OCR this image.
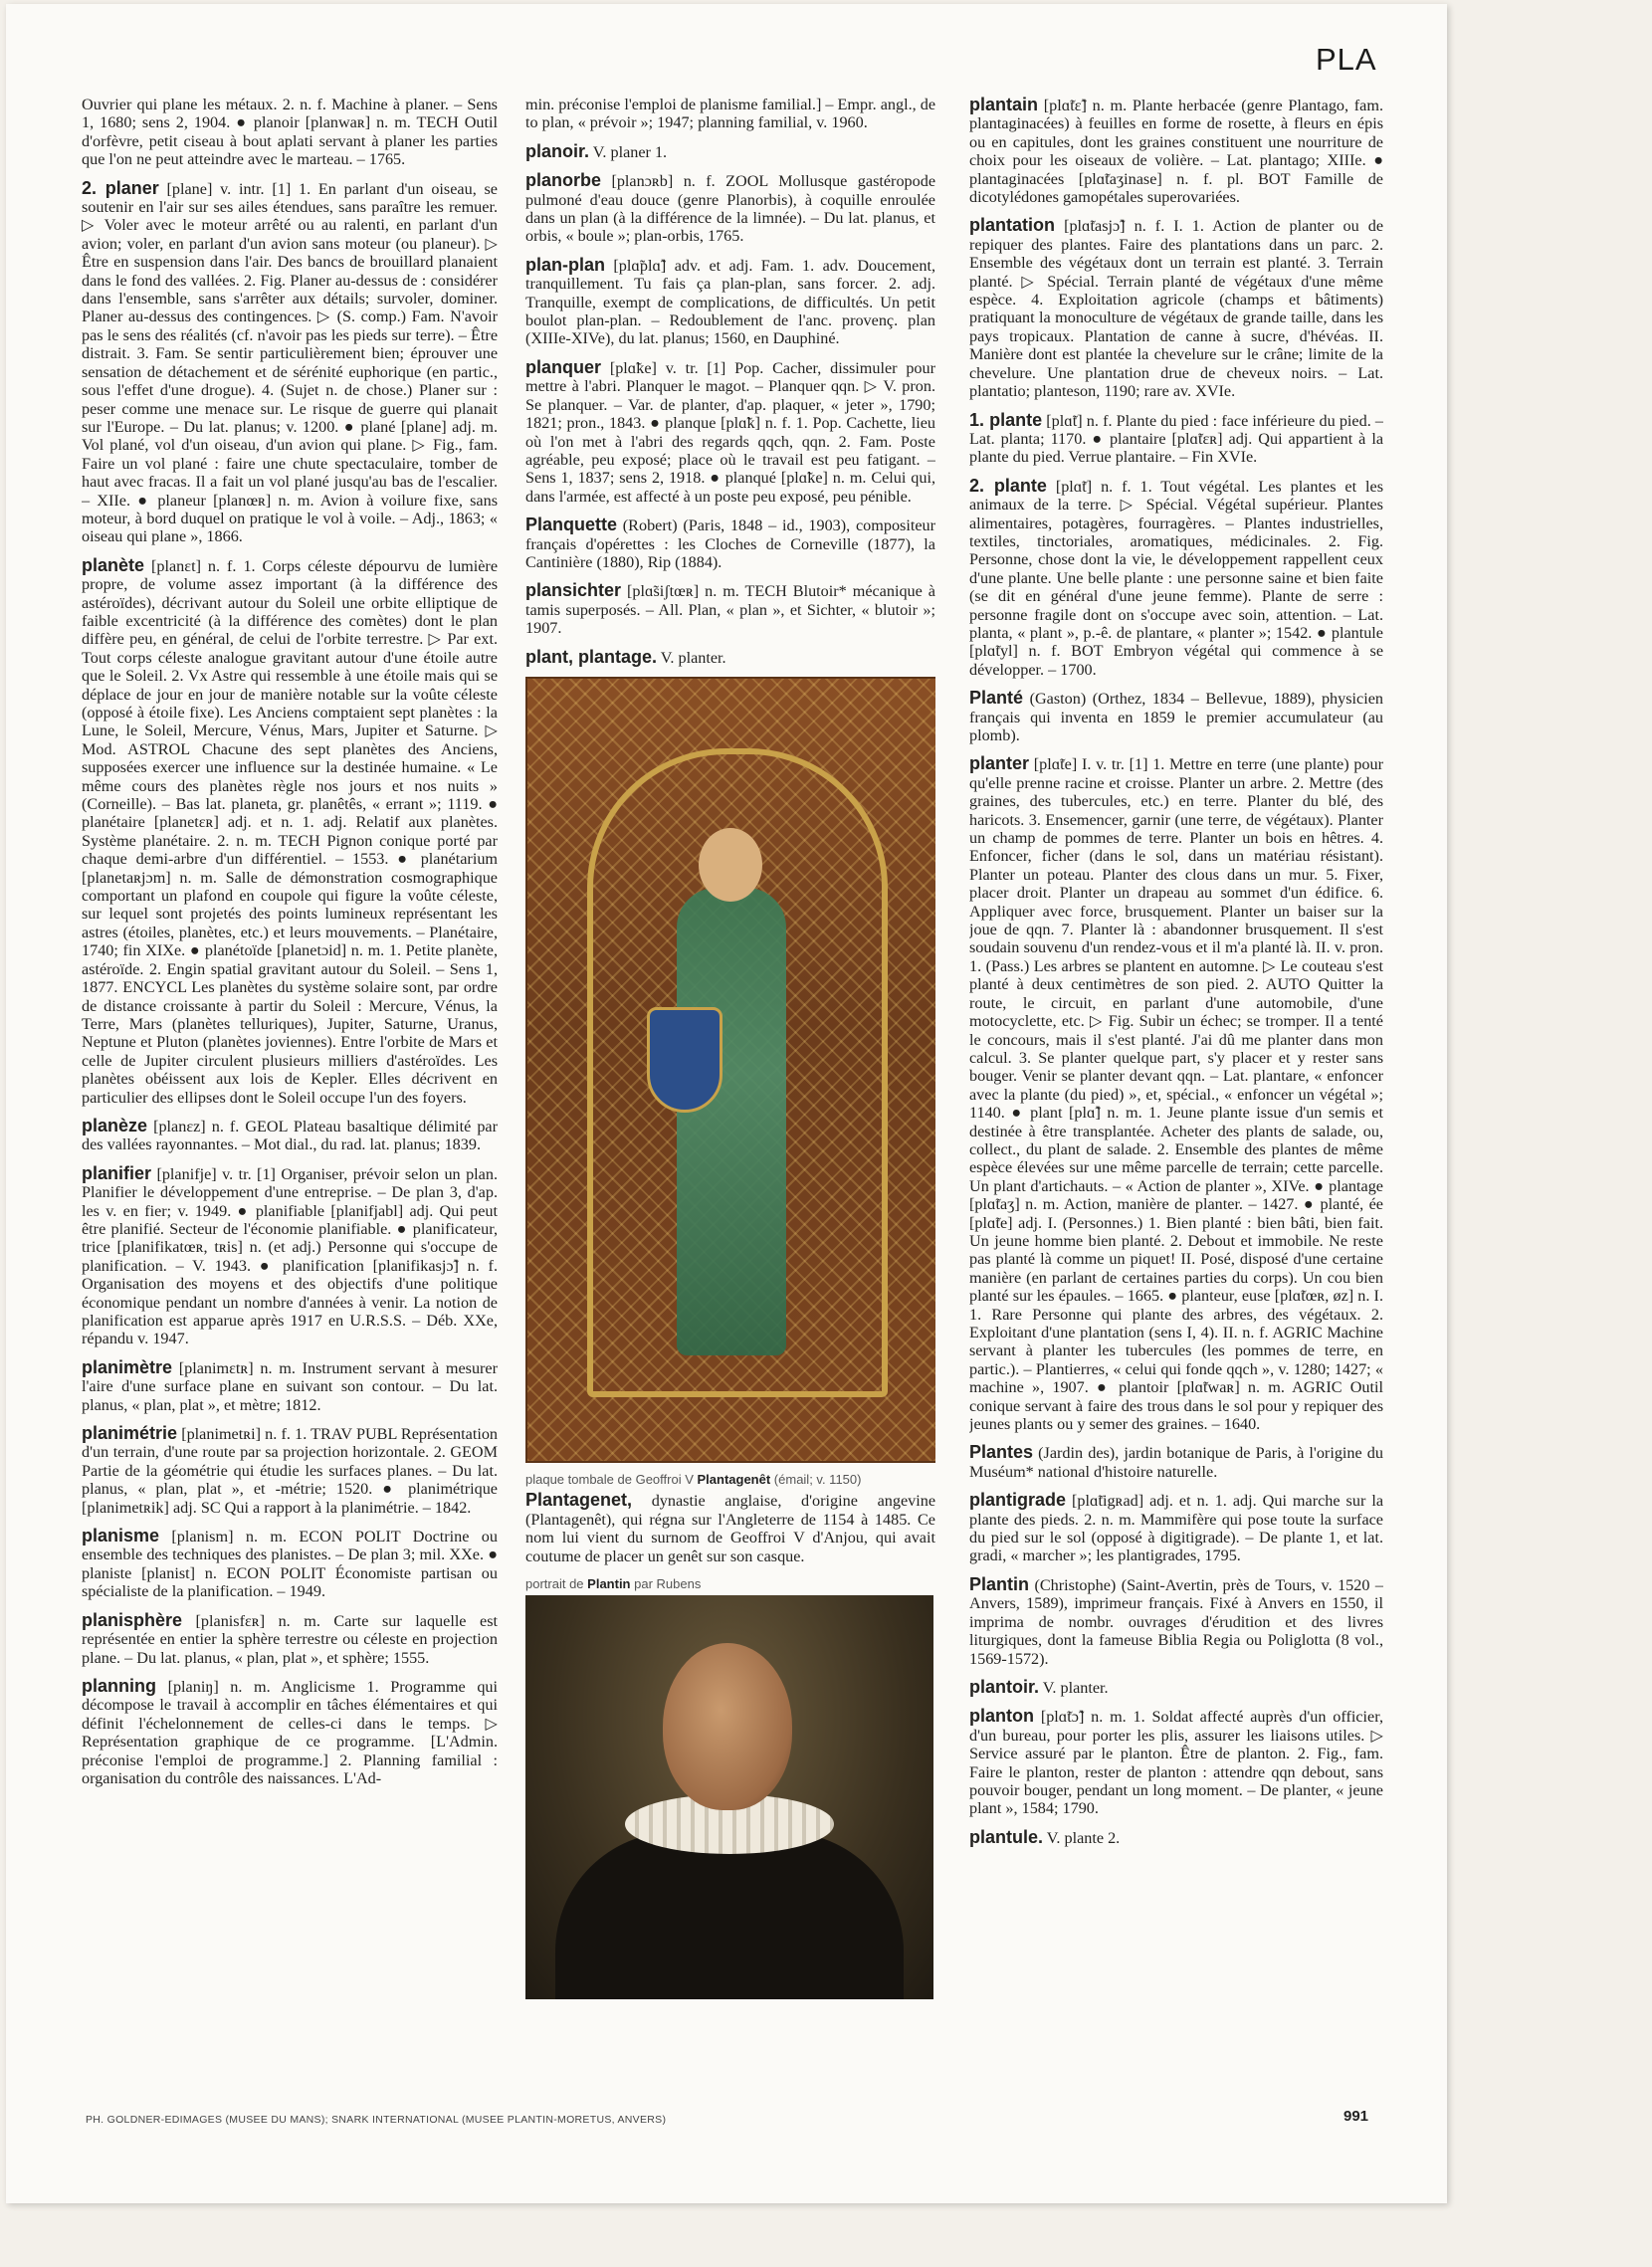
PLA
Ouvrier qui plane les métaux. 2. n. f. Machine à planer. – Sens 1, 1680; sens 2, 1904. ● planoir [planwaʀ] n. m. TECH Outil d'orfèvre, petit ciseau à bout aplati servant à planer les parties que l'on ne peut atteindre avec le marteau. – 1765.
2. planer [plane] v. intr. [1] 1. En parlant d'un oiseau, se soutenir en l'air sur ses ailes étendues, sans paraître les remuer. ▷ Voler avec le moteur arrêté ou au ralenti, en parlant d'un avion; voler, en parlant d'un avion sans moteur (ou planeur). ▷ Être en suspension dans l'air. Des bancs de brouillard planaient dans le fond des vallées. 2. Fig. Planer au-dessus de : considérer dans l'ensemble, sans s'arrêter aux détails; survoler, dominer. Planer au-dessus des contingences. ▷ (S. comp.) Fam. N'avoir pas le sens des réalités (cf. n'avoir pas les pieds sur terre). – Être distrait. 3. Fam. Se sentir particulièrement bien; éprouver une sensation de détachement et de sérénité euphorique (en partic., sous l'effet d'une drogue). 4. (Sujet n. de chose.) Planer sur : peser comme une menace sur. Le risque de guerre qui planait sur l'Europe. – Du lat. planus; v. 1200. ● plané [plane] adj. m. Vol plané, vol d'un oiseau, d'un avion qui plane. ▷ Fig., fam. Faire un vol plané : faire une chute spectaculaire, tomber de haut avec fracas. Il a fait un vol plané jusqu'au bas de l'escalier. – XIIe. ● planeur [planœʀ] n. m. Avion à voilure fixe, sans moteur, à bord duquel on pratique le vol à voile. – Adj., 1863; « oiseau qui plane », 1866.
planète [planɛt] n. f. 1. Corps céleste dépourvu de lumière propre, de volume assez important (à la différence des astéroïdes), décrivant autour du Soleil une orbite elliptique de faible excentricité (à la différence des comètes) dont le plan diffère peu, en général, de celui de l'orbite terrestre. ▷ Par ext. Tout corps céleste analogue gravitant autour d'une étoile autre que le Soleil. 2. Vx Astre qui ressemble à une étoile mais qui se déplace de jour en jour de manière notable sur la voûte céleste (opposé à étoile fixe). Les Anciens comptaient sept planètes : la Lune, le Soleil, Mercure, Vénus, Mars, Jupiter et Saturne. ▷ Mod. ASTROL Chacune des sept planètes des Anciens, supposées exercer une influence sur la destinée humaine. « Le même cours des planètes règle nos jours et nos nuits » (Corneille). – Bas lat. planeta, gr. planêtês, « errant »; 1119. ● planétaire [planetɛʀ] adj. et n. 1. adj. Relatif aux planètes. Système planétaire. 2. n. m. TECH Pignon conique porté par chaque demi-arbre d'un différentiel. – 1553. ● planétarium [planetaʀjɔm] n. m. Salle de démonstration cosmographique comportant un plafond en coupole qui figure la voûte céleste, sur lequel sont projetés des points lumineux représentant les astres (étoiles, planètes, etc.) et leurs mouvements. – Planétaire, 1740; fin XIXe. ● planétoïde [planetɔid] n. m. 1. Petite planète, astéroïde. 2. Engin spatial gravitant autour du Soleil. – Sens 1, 1877. ENCYCL Les planètes du système solaire sont, par ordre de distance croissante à partir du Soleil : Mercure, Vénus, la Terre, Mars (planètes telluriques), Jupiter, Saturne, Uranus, Neptune et Pluton (planètes joviennes). Entre l'orbite de Mars et celle de Jupiter circulent plusieurs milliers d'astéroïdes. Les planètes obéissent aux lois de Kepler. Elles décrivent en particulier des ellipses dont le Soleil occupe l'un des foyers.
planèze [planɛz] n. f. GEOL Plateau basaltique délimité par des vallées rayonnantes. – Mot dial., du rad. lat. planus; 1839.
planifier [planifje] v. tr. [1] Organiser, prévoir selon un plan. Planifier le développement d'une entreprise. – De plan 3, d'ap. les v. en fier; v. 1949. ● planifiable [planifjabl] adj. Qui peut être planifié. Secteur de l'économie planifiable. ● planificateur, trice [planifikatœʀ, tʀis] n. (et adj.) Personne qui s'occupe de planification. – V. 1943. ● planification [planifikasjɔ̃] n. f. Organisation des moyens et des objectifs d'une politique économique pendant un nombre d'années à venir. La notion de planification est apparue après 1917 en U.R.S.S. – Déb. XXe, répandu v. 1947.
planimètre [planimɛtʀ] n. m. Instrument servant à mesurer l'aire d'une surface plane en suivant son contour. – Du lat. planus, « plan, plat », et mètre; 1812.
planimétrie [planimetʀi] n. f. 1. TRAV PUBL Représentation d'un terrain, d'une route par sa projection horizontale. 2. GEOM Partie de la géométrie qui étudie les surfaces planes. – Du lat. planus, « plan, plat », et -métrie; 1520. ● planimétrique [planimetʀik] adj. SC Qui a rapport à la planimétrie. – 1842.
planisme [planism] n. m. ECON POLIT Doctrine ou ensemble des techniques des planistes. – De plan 3; mil. XXe. ● planiste [planist] n. ECON POLIT Économiste partisan ou spécialiste de la planification. – 1949.
planisphère [planisfɛʀ] n. m. Carte sur laquelle est représentée en entier la sphère terrestre ou céleste en projection plane. – Du lat. planus, « plan, plat », et sphère; 1555.
planning [planiŋ] n. m. Anglicisme 1. Programme qui décompose le travail à accomplir en tâches élémentaires et qui définit l'échelonnement de celles-ci dans le temps. ▷ Représentation graphique de ce programme. [L'Admin. préconise l'emploi de programme.] 2. Planning familial : organisation du contrôle des naissances. L'Ad-
min. préconise l'emploi de planisme familial.] – Empr. angl., de to plan, « prévoir »; 1947; planning familial, v. 1960.
planoir. V. planer 1.
planorbe [planɔʀb] n. f. ZOOL Mollusque gastéropode pulmoné d'eau douce (genre Planorbis), à coquille enroulée dans un plan (à la différence de la limnée). – Du lat. planus, et orbis, « boule »; plan-orbis, 1765.
plan-plan [plɑ̃plɑ̃] adv. et adj. Fam. 1. adv. Doucement, tranquillement. Tu fais ça plan-plan, sans forcer. 2. adj. Tranquille, exempt de complications, de difficultés. Un petit boulot plan-plan. – Redoublement de l'anc. provenç. plan (XIIIe-XIVe), du lat. planus; 1560, en Dauphiné.
planquer [plɑ̃ke] v. tr. [1] Pop. Cacher, dissimuler pour mettre à l'abri. Planquer le magot. – Planquer qqn. ▷ V. pron. Se planquer. – Var. de planter, d'ap. plaquer, « jeter », 1790; 1821; pron., 1843. ● planque [plɑ̃k] n. f. 1. Pop. Cachette, lieu où l'on met à l'abri des regards qqch, qqn. 2. Fam. Poste agréable, peu exposé; place où le travail est peu fatigant. – Sens 1, 1837; sens 2, 1918. ● planqué [plɑ̃ke] n. m. Celui qui, dans l'armée, est affecté à un poste peu exposé, peu pénible.
Planquette (Robert) (Paris, 1848 – id., 1903), compositeur français d'opérettes : les Cloches de Corneville (1877), la Cantinière (1880), Rip (1884).
plansichter [plɑ̃siʃtœʀ] n. m. TECH Blutoir* mécanique à tamis superposés. – All. Plan, « plan », et Sichter, « blutoir »; 1907.
plant, plantage. V. planter.
plaque tombale de Geoffroi V Plantagenêt (émail; v. 1150)
Plantagenet, dynastie anglaise, d'origine angevine (Plantagenêt), qui régna sur l'Angleterre de 1154 à 1485. Ce nom lui vient du surnom de Geoffroi V d'Anjou, qui avait coutume de placer un genêt sur son casque.
portrait de Plantin par Rubens
plantain [plɑ̃tɛ̃] n. m. Plante herbacée (genre Plantago, fam. plantaginacées) à feuilles en forme de rosette, à fleurs en épis ou en capitules, dont les graines constituent une nourriture de choix pour les oiseaux de volière. – Lat. plantago; XIIIe. ● plantaginacées [plɑ̃taʒinase] n. f. pl. BOT Famille de dicotylédones gamopétales superovariées.
plantation [plɑ̃tasjɔ̃] n. f. I. 1. Action de planter ou de repiquer des plantes. Faire des plantations dans un parc. 2. Ensemble des végétaux dont un terrain est planté. 3. Terrain planté. ▷ Spécial. Terrain planté de végétaux d'une même espèce. 4. Exploitation agricole (champs et bâtiments) pratiquant la monoculture de végétaux de grande taille, dans les pays tropicaux. Plantation de canne à sucre, d'hévéas. II. Manière dont est plantée la chevelure sur le crâne; limite de la chevelure. Une plantation drue de cheveux noirs. – Lat. plantatio; planteson, 1190; rare av. XVIe.
1. plante [plɑ̃t] n. f. Plante du pied : face inférieure du pied. – Lat. planta; 1170. ● plantaire [plɑ̃tɛʀ] adj. Qui appartient à la plante du pied. Verrue plantaire. – Fin XVIe.
2. plante [plɑ̃t] n. f. 1. Tout végétal. Les plantes et les animaux de la terre. ▷ Spécial. Végétal supérieur. Plantes alimentaires, potagères, fourragères. – Plantes industrielles, textiles, tinctoriales, aromatiques, médicinales. 2. Fig. Personne, chose dont la vie, le développement rappellent ceux d'une plante. Une belle plante : une personne saine et bien faite (se dit en général d'une jeune femme). Plante de serre : personne fragile dont on s'occupe avec soin, attention. – Lat. planta, « plant », p.-ê. de plantare, « planter »; 1542. ● plantule [plɑ̃tyl] n. f. BOT Embryon végétal qui commence à se développer. – 1700.
Planté (Gaston) (Orthez, 1834 – Bellevue, 1889), physicien français qui inventa en 1859 le premier accumulateur (au plomb).
planter [plɑ̃te] I. v. tr. [1] 1. Mettre en terre (une plante) pour qu'elle prenne racine et croisse. Planter un arbre. 2. Mettre (des graines, des tubercules, etc.) en terre. Planter du blé, des haricots. 3. Ensemencer, garnir (une terre, de végétaux). Planter un champ de pommes de terre. Planter un bois en hêtres. 4. Enfoncer, ficher (dans le sol, dans un matériau résistant). Planter un poteau. Planter des clous dans un mur. 5. Fixer, placer droit. Planter un drapeau au sommet d'un édifice. 6. Appliquer avec force, brusquement. Planter un baiser sur la joue de qqn. 7. Planter là : abandonner brusquement. Il s'est soudain souvenu d'un rendez-vous et il m'a planté là. II. v. pron. 1. (Pass.) Les arbres se plantent en automne. ▷ Le couteau s'est planté à deux centimètres de son pied. 2. AUTO Quitter la route, le circuit, en parlant d'une automobile, d'une motocyclette, etc. ▷ Fig. Subir un échec; se tromper. Il a tenté le concours, mais il s'est planté. J'ai dû me planter dans mon calcul. 3. Se planter quelque part, s'y placer et y rester sans bouger. Venir se planter devant qqn. – Lat. plantare, « enfoncer avec la plante (du pied) », et, spécial., « enfoncer un végétal »; 1140. ● plant [plɑ̃] n. m. 1. Jeune plante issue d'un semis et destinée à être transplantée. Acheter des plants de salade, ou, collect., du plant de salade. 2. Ensemble des plantes de même espèce élevées sur une même parcelle de terrain; cette parcelle. Un plant d'artichauts. – « Action de planter », XIVe. ● plantage [plɑ̃taʒ] n. m. Action, manière de planter. – 1427. ● planté, ée [plɑ̃te] adj. I. (Personnes.) 1. Bien planté : bien bâti, bien fait. Un jeune homme bien planté. 2. Debout et immobile. Ne reste pas planté là comme un piquet! II. Posé, disposé d'une certaine manière (en parlant de certaines parties du corps). Un cou bien planté sur les épaules. – 1665. ● planteur, euse [plɑ̃tœʀ, øz] n. I. 1. Rare Personne qui plante des arbres, des végétaux. 2. Exploitant d'une plantation (sens I, 4). II. n. f. AGRIC Machine servant à planter les tubercules (les pommes de terre, en partic.). – Plantierres, « celui qui fonde qqch », v. 1280; 1427; « machine », 1907. ● plantoir [plɑ̃twaʀ] n. m. AGRIC Outil conique servant à faire des trous dans le sol pour y repiquer des jeunes plants ou y semer des graines. – 1640.
Plantes (Jardin des), jardin botanique de Paris, à l'origine du Muséum* national d'histoire naturelle.
plantigrade [plɑ̃tigʀad] adj. et n. 1. adj. Qui marche sur la plante des pieds. 2. n. m. Mammifère qui pose toute la surface du pied sur le sol (opposé à digitigrade). – De plante 1, et lat. gradi, « marcher »; les plantigrades, 1795.
Plantin (Christophe) (Saint-Avertin, près de Tours, v. 1520 – Anvers, 1589), imprimeur français. Fixé à Anvers en 1550, il imprima de nombr. ouvrages d'érudition et des livres liturgiques, dont la fameuse Biblia Regia ou Poliglotta (8 vol., 1569-1572).
plantoir. V. planter.
planton [plɑ̃tɔ̃] n. m. 1. Soldat affecté auprès d'un officier, d'un bureau, pour porter les plis, assurer les liaisons utiles. ▷ Service assuré par le planton. Être de planton. 2. Fig., fam. Faire le planton, rester de planton : attendre qqn debout, sans pouvoir bouger, pendant un long moment. – De planter, « jeune plant », 1584; 1790.
plantule. V. plante 2.
PH. GOLDNER-EDIMAGES (MUSEE DU MANS); SNARK INTERNATIONAL (MUSEE PLANTIN-MORETUS, ANVERS)	991
